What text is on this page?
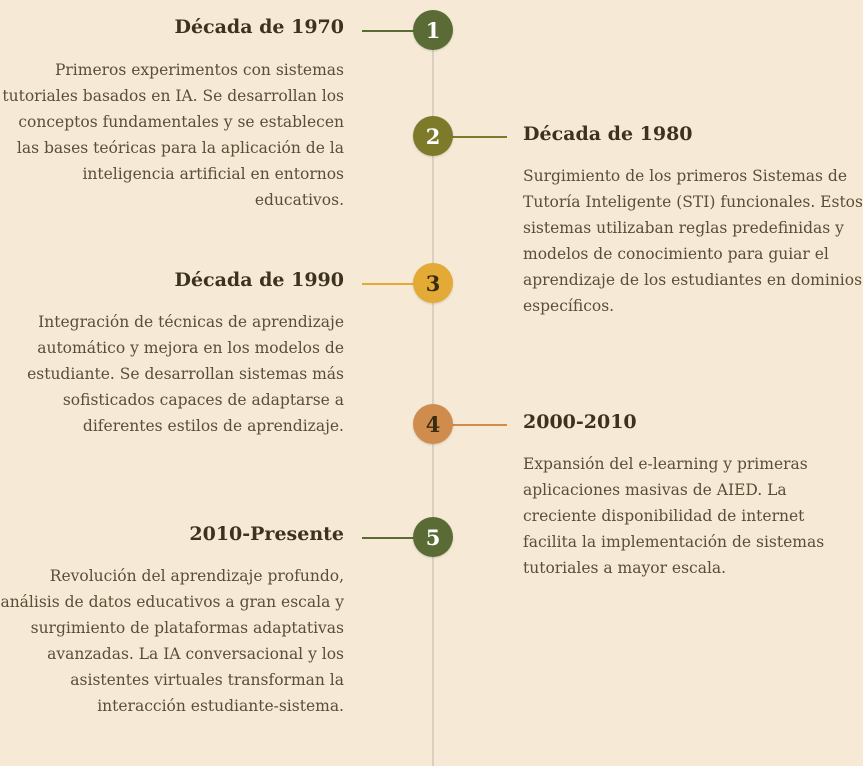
1
Década de 1970
Primeros experimentos con sistemas tutoriales basados en IA. Se desarrollan los conceptos fundamentales y se establecen las bases teóricas para la aplicación de la inteligencia artificial en entornos educativos.
2	Década de 1980
Surgimiento de los primeros Sistemas de Tutoría Inteligente (STI) funcionales. Estos sistemas utilizaban reglas predefinidas y modelos de conocimiento para guiar el aprendizaje de los estudiantes en dominios específicos.
3
Década de 1990
Integración de técnicas de aprendizaje automático y mejora en los modelos de estudiante. Se desarrollan sistemas más sofisticados capaces de adaptarse a diferentes estilos de aprendizaje.	4	2000-2010
Expansión del e-learning y primeras aplicaciones masivas de AIED. La creciente disponibilidad de internet facilita la implementación de sistemas tutoriales a mayor escala.
5
2010-Presente
Revolución del aprendizaje profundo, análisis de datos educativos a gran escala y surgimiento de plataformas adaptativas avanzadas. La IA conversacional y los asistentes virtuales transforman la interacción estudiante-sistema.
